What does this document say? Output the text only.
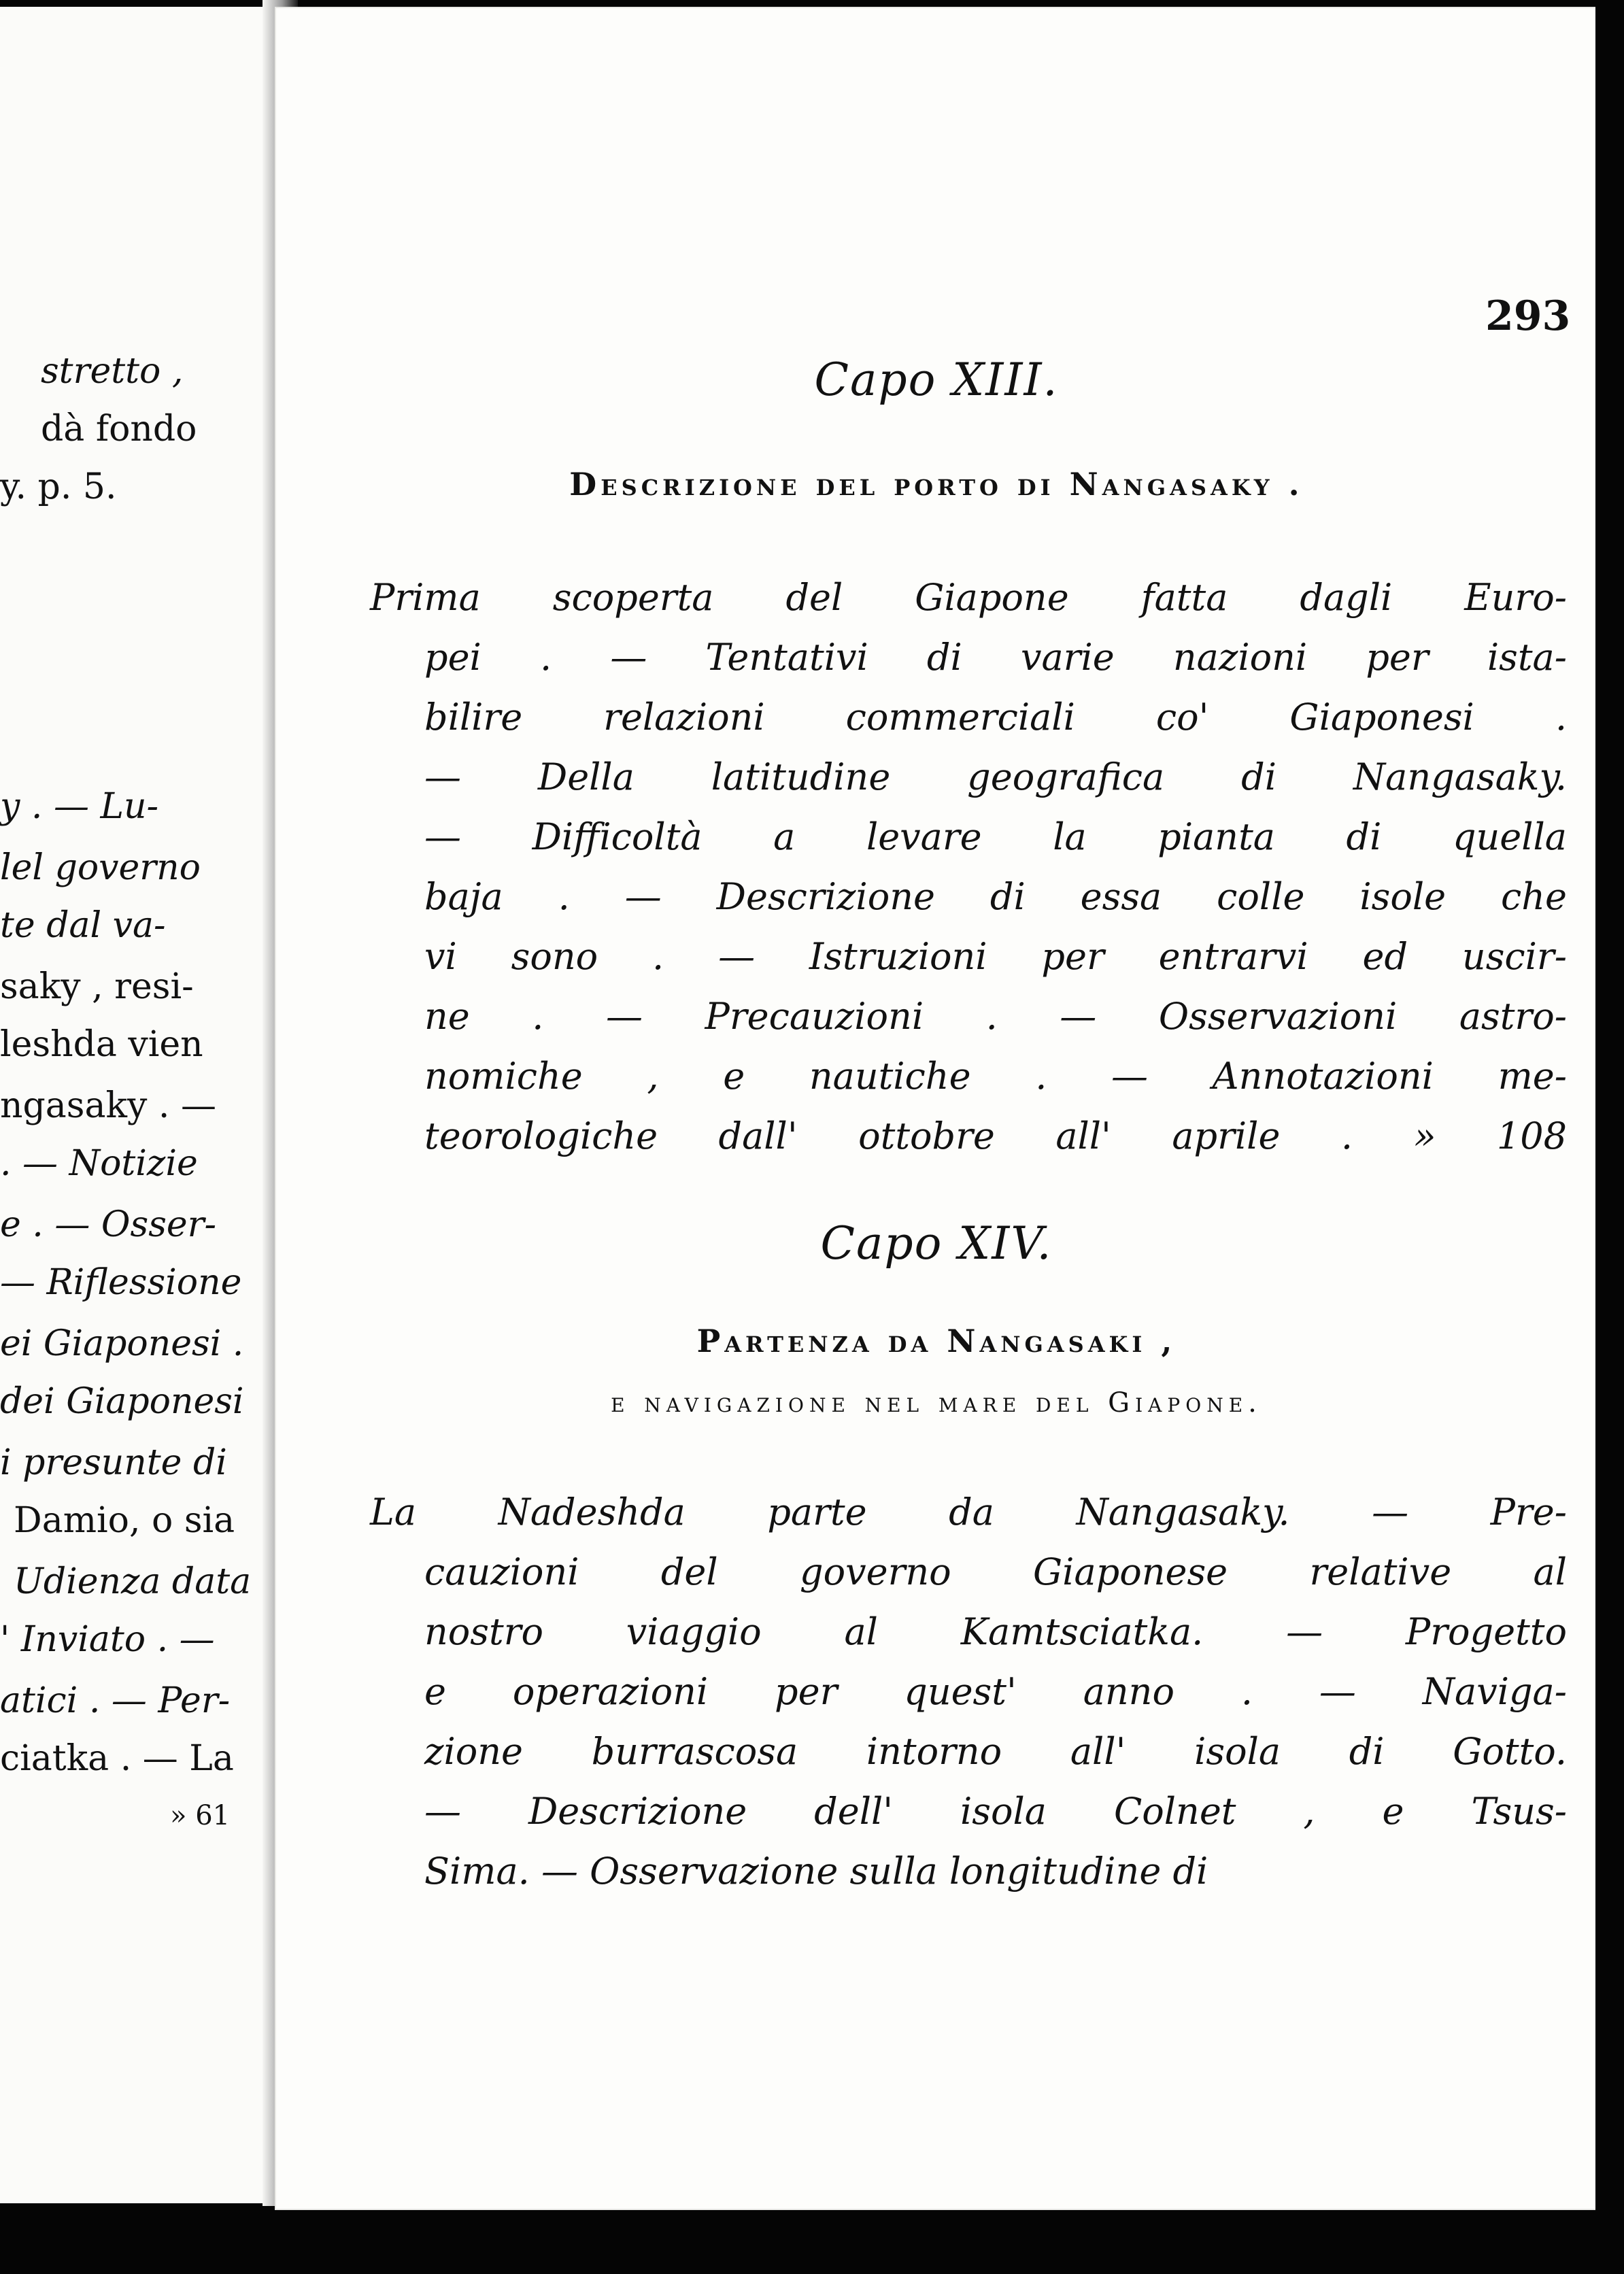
stretto ,
dà fondo
y. p. 5.
y . — Lu-
lel governo
te dal va-
saky , resi-
leshda vien
ngasaky . —
. — Notizie
e . — Osser-
— Riflessione
ei Giaponesi .
dei Giaponesi
i presunte di
Damio, o sia
Udienza data
' Inviato . —
atici . — Per-
ciatka . — La
» 61
293
Capo XIII.
Descrizione del porto di Nangasaky .
Prima scoperta del Giapone fatta dagli Euro-
pei . — Tentativi di varie nazioni per ista-
bilire relazioni commerciali co' Giaponesi .
— Della latitudine geografica di Nangasaky.
— Difficoltà a levare la pianta di quella
baja . — Descrizione di essa colle isole che
vi sono . — Istruzioni per entrarvi ed uscir-
ne . — Precauzioni . — Osservazioni astro-
nomiche , e nautiche . — Annotazioni me-
teorologiche dall' ottobre all' aprile . » 108
Capo XIV.
Partenza da Nangasaki ,
e navigazione nel mare del Giapone.
La Nadeshda parte da Nangasaky. — Pre-
cauzioni del governo Giaponese relative al
nostro viaggio al Kamtsciatka. — Progetto
e operazioni per quest' anno . — Naviga-
zione burrascosa intorno all' isola di Gotto.
— Descrizione dell' isola Colnet , e Tsus-
Sima. — Osservazione sulla longitudine di
